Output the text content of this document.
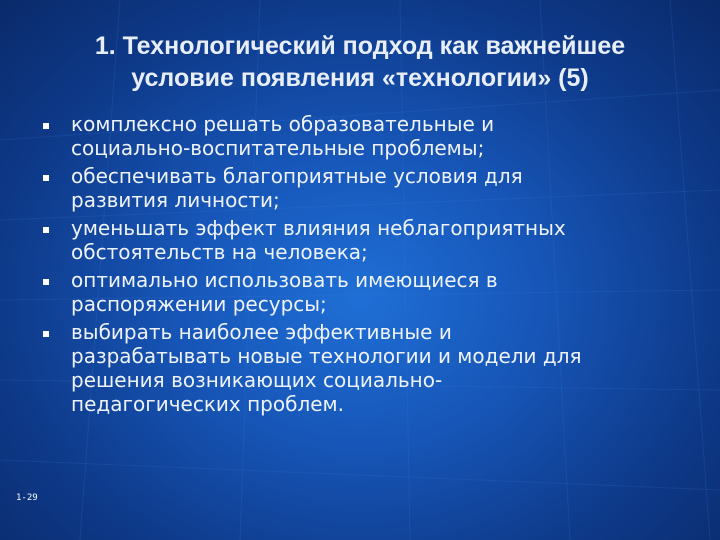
1. Технологический подход как важнейшее
условие появления «технологии» (5)
комплексно решать образовательные и
социально-воспитательные проблемы;
обеспечивать благоприятные условия для
развития личности;
уменьшать эффект влияния неблагоприятных
обстоятельств на человека;
оптимально использовать имеющиеся в
распоряжении ресурсы;
выбирать наиболее эффективные и
разрабатывать новые технологии и модели для
решения возникающих социально-
педагогических проблем.
1-29
